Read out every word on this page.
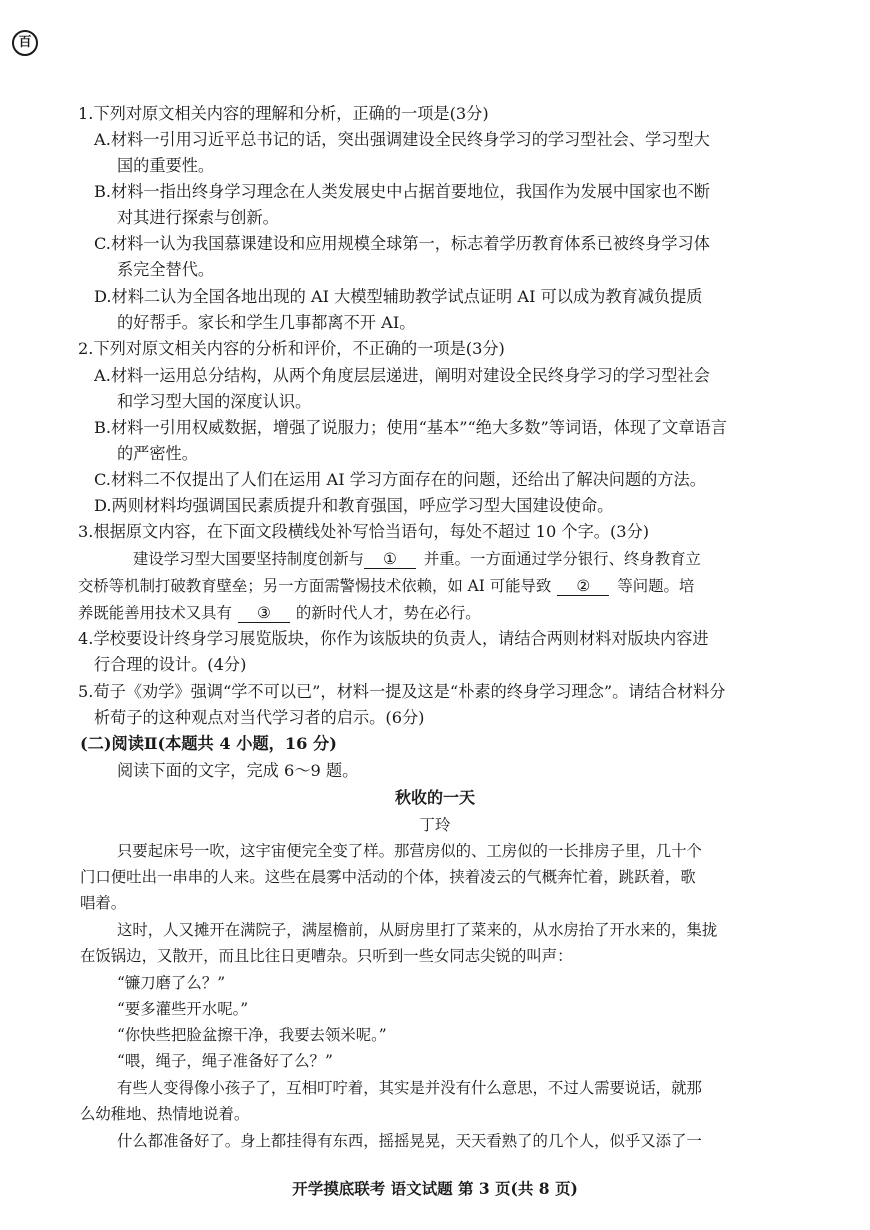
百
1.下列对原文相关内容的理解和分析，正确的一项是(3分)
A.材料一引用习近平总书记的话，突出强调建设全民终身学习的学习型社会、学习型大
国的重要性。
B.材料一指出终身学习理念在人类发展史中占据首要地位，我国作为发展中国家也不断
对其进行探索与创新。
C.材料一认为我国慕课建设和应用规模全球第一，标志着学历教育体系已被终身学习体
系完全替代。
D.材料二认为全国各地出现的 AI 大模型辅助教学试点证明 AI 可以成为教育减负提质
的好帮手。家长和学生几事都离不开 AI。
2.下列对原文相关内容的分析和评价，不正确的一项是(3分)
A.材料一运用总分结构，从两个角度层层递进，阐明对建设全民终身学习的学习型社会
和学习型大国的深度认识。
B.材料一引用权威数据，增强了说服力；使用“基本”“绝大多数”等词语，体现了文章语言
的严密性。
C.材料二不仅提出了人们在运用 AI 学习方面存在的问题，还给出了解决问题的方法。
D.两则材料均强调国民素质提升和教育强国，呼应学习型大国建设使命。
3.根据原文内容，在下面文段横线处补写恰当语句，每处不超过 10 个字。(3分)
建设学习型大国要坚持制度创新与 ① 并重。一方面通过学分银行、终身教育立
交桥等机制打破教育壁垒；另一方面需警惕技术依赖，如 AI 可能导致 ② 等问题。培
养既能善用技术又具有 ③ 的新时代人才，势在必行。
4.学校要设计终身学习展览版块，你作为该版块的负责人，请结合两则材料对版块内容进
行合理的设计。(4分)
5.荀子《劝学》强调“学不可以已”，材料一提及这是“朴素的终身学习理念”。请结合材料分
析荀子的这种观点对当代学习者的启示。(6分)
(二)阅读Ⅱ(本题共 4 小题，16 分)
阅读下面的文字，完成 6～9 题。
秋收的一天
丁玲
只要起床号一吹，这宇宙便完全变了样。那营房似的、工房似的一长排房子里，几十个
门口便吐出一串串的人来。这些在晨雾中活动的个体，挟着凌云的气概奔忙着，跳跃着，歌
唱着。
这时，人又摊开在满院子，满屋檐前，从厨房里打了菜来的，从水房抬了开水来的，集拢
在饭锅边，又散开，而且比往日更嘈杂。只听到一些女同志尖锐的叫声：
“镰刀磨了么？”
“要多灌些开水呢。”
“你快些把脸盆擦干净，我要去领米呢。”
“喂，绳子，绳子准备好了么？”
有些人变得像小孩子了，互相叮咛着，其实是并没有什么意思，不过人需要说话，就那
么幼稚地、热情地说着。
什么都准备好了。身上都挂得有东西，摇摇晃晃，天天看熟了的几个人，似乎又添了一
开学摸底联考 语文试题 第 3 页(共 8 页)
